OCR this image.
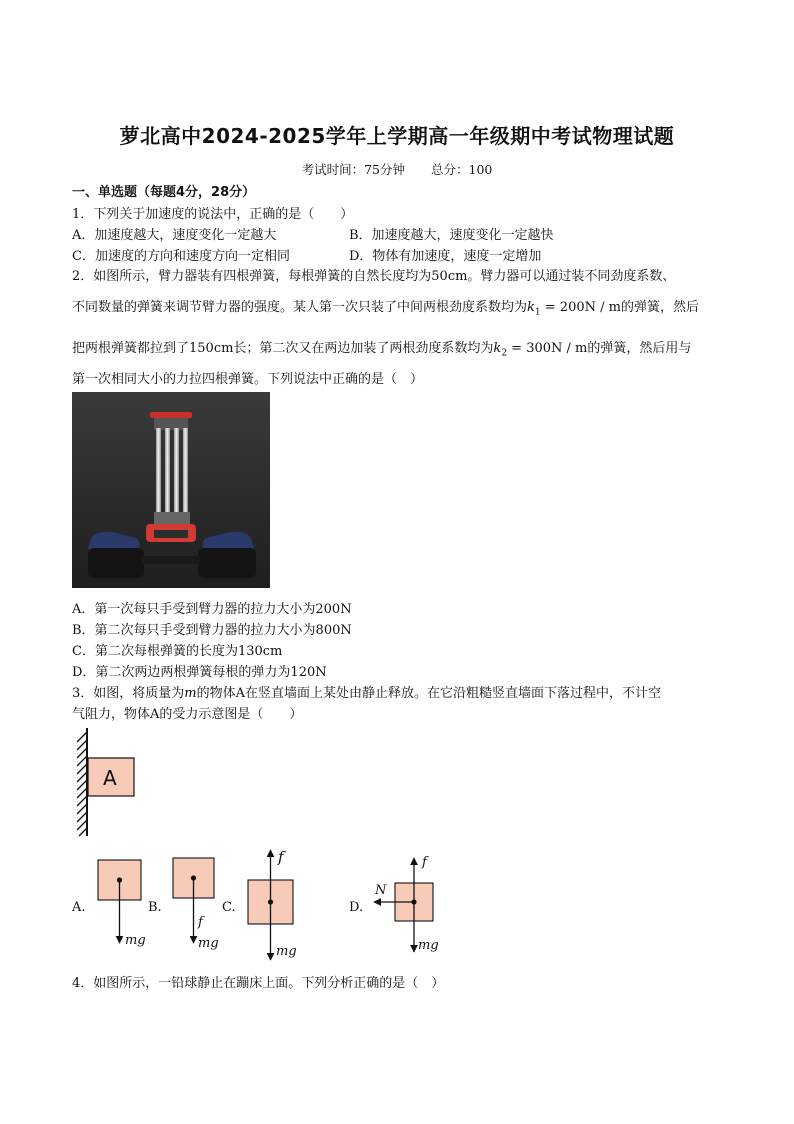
萝北高中2024-2025学年上学期高一年级期中考试物理试题
考试时间：75分钟 总分：100
一、单选题（每题4分，28分）
1．下列关于加速度的说法中，正确的是（　　）
A．加速度越大，速度变化一定越大	B．加速度越大，速度变化一定越快
C．加速度的方向和速度方向一定相同	D．物体有加速度，速度一定增加
2．如图所示，臂力器装有四根弹簧，每根弹簧的自然长度均为50cm。臂力器可以通过装不同劲度系数、
不同数量的弹簧来调节臂力器的强度。某人第一次只装了中间两根劲度系数均为$k_1 = 200N / m$的弹簧，然后
把两根弹簧都拉到了150cm长；第二次又在两边加装了两根劲度系数均为$k_2 = 300N / m$的弹簧，然后用与
第一次相同大小的力拉四根弹簧。下列说法中正确的是（　）
A．第一次每只手受到臂力器的拉力大小为200N
B．第二次每只手受到臂力器的拉力大小为800N
C．第二次每根弹簧的长度为130cm
D．第二次两边两根弹簧每根的弹力为120N
3．如图，将质量为m的物体A在竖直墙面上某处由静止释放。在它沿粗糙竖直墙面下落过程中，不计空
气阻力，物体A的受力示意图是（　　）
A
A.	B.	C.	D.
mg
f
mg
f
mg
f
N
mg
4．如图所示，一铅球静止在蹦床上面。下列分析正确的是（　）
